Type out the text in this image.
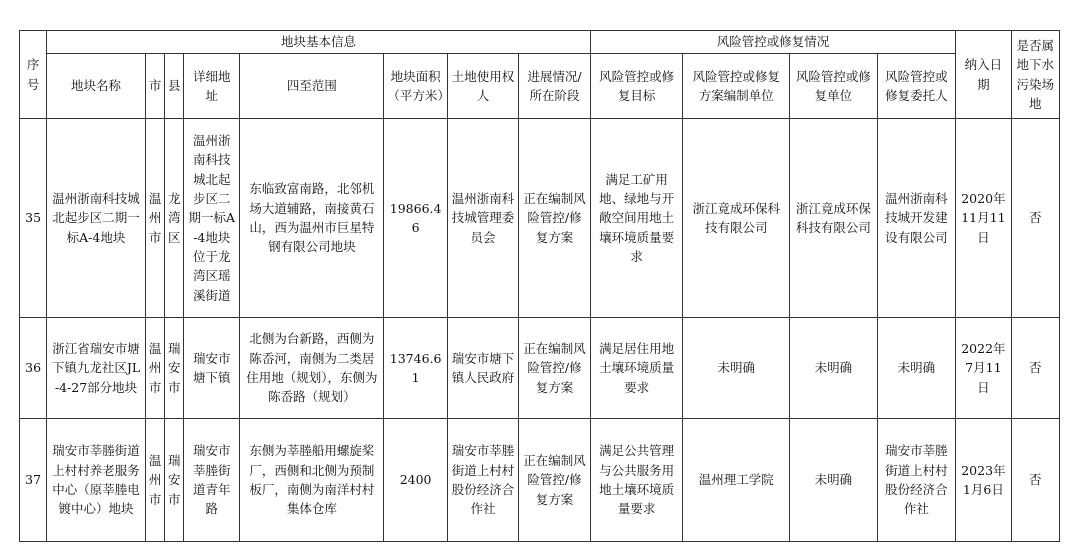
序号	地块基本信息								风险管控或修复情况				纳入日期	是否属地下水污染场地
	地块名称	市	县	详细地址	四至范围	地块面积（平方米）	土地使用权人	进展情况/所在阶段	风险管控或修复目标	风险管控或修复方案编制单位	风险管控或修复单位	风险管控或修复委托人		
35	温州浙南科技城北起步区二期一标A-4地块	温州市	龙湾区	温州浙南科技城北起步区二期一标A-4地块位于龙湾区瑶溪街道	东临致富南路，北邻机场大道辅路，南接黄石山，西为温州市巨星特钢有限公司地块	19866.46	温州浙南科技城管理委员会	正在编制风险管控/修复方案	满足工矿用地、绿地与开敞空间用地土壤环境质量要求	浙江竟成环保科技有限公司	浙江竟成环保科技有限公司	温州浙南科技城开发建设有限公司	2020年11月11日	否
36	浙江省瑞安市塘下镇九龙社区JL-4-27部分地块	温州市	瑞安市	瑞安市塘下镇	北侧为台新路，西侧为陈岙河，南侧为二类居住用地（规划），东侧为陈岙路（规划）	13746.61	瑞安市塘下镇人民政府	正在编制风险管控/修复方案	满足居住用地土壤环境质量要求	未明确	未明确	未明确	2022年7月11日	否
37	瑞安市莘塍街道上村村养老服务中心（原莘塍电镀中心）地块	温州市	瑞安市	瑞安市莘塍街道青年路	东侧为莘塍船用螺旋桨厂，西侧和北侧为预制板厂，南侧为南洋村村集体仓库	2400	瑞安市莘塍街道上村村股份经济合作社	正在编制风险管控/修复方案	满足公共管理与公共服务用地土壤环境质量要求	温州理工学院	未明确	瑞安市莘塍街道上村村股份经济合作社	2023年1月6日	否
